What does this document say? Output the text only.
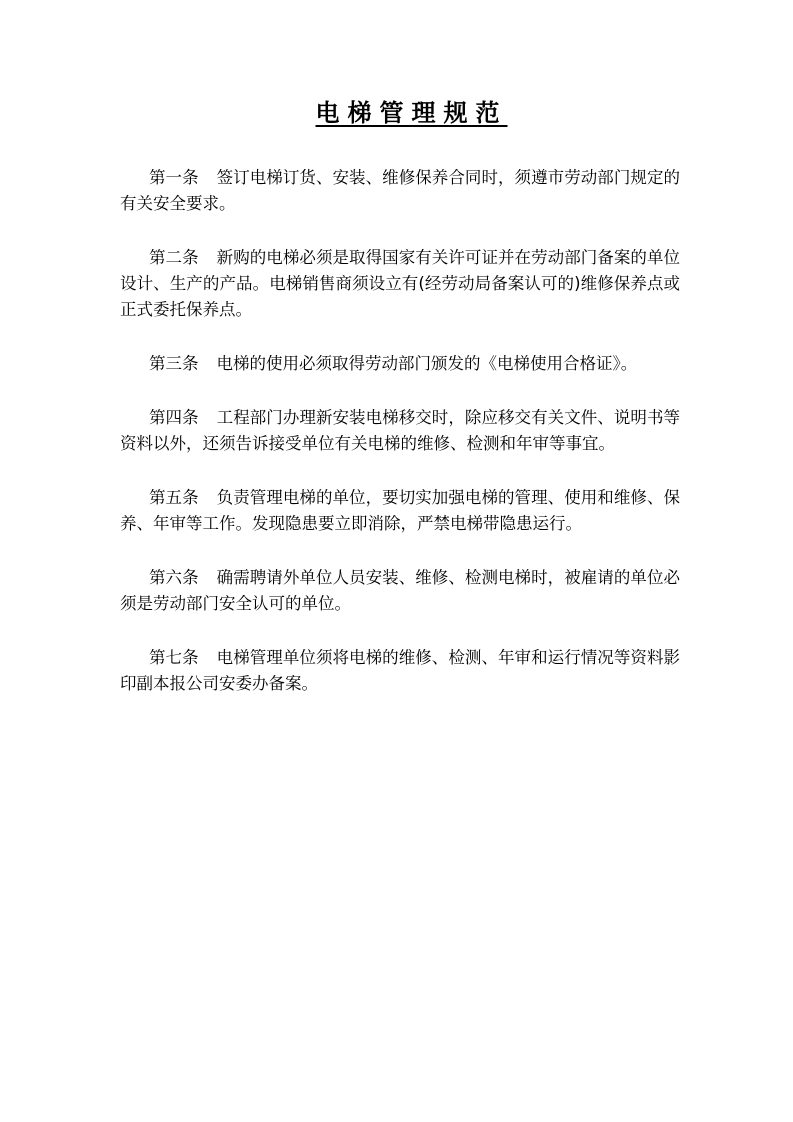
电梯管理规范

第一条 签订电梯订货、安装、维修保养合同时，须遵市劳动部门规定的有关安全要求。

第二条 新购的电梯必须是取得国家有关许可证并在劳动部门备案的单位设计、生产的产品。电梯销售商须设立有(经劳动局备案认可的)维修保养点或正式委托保养点。

第三条 电梯的使用必须取得劳动部门颁发的《电梯使用合格证》。

第四条 工程部门办理新安装电梯移交时，除应移交有关文件、说明书等资料以外，还须告诉接受单位有关电梯的维修、检测和年审等事宜。

第五条 负责管理电梯的单位，要切实加强电梯的管理、使用和维修、保养、年审等工作。发现隐患要立即消除，严禁电梯带隐患运行。

第六条 确需聘请外单位人员安装、维修、检测电梯时，被雇请的单位必须是劳动部门安全认可的单位。

第七条 电梯管理单位须将电梯的维修、检测、年审和运行情况等资料影印副本报公司安委办备案。
